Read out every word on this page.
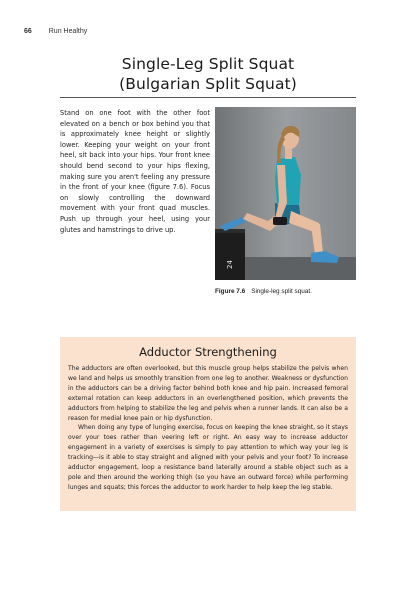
66 Run Healthy
Single-Leg Split Squat
(Bulgarian Split Squat)
Stand on one foot with the other foot elevated on a bench or box behind you that is approximately knee height or slightly lower. Keeping your weight on your front heel, sit back into your hips. Your front knee should bend second to your hips flexing, making sure you aren't feeling any pressure in the front of your knee (figure 7.6). Focus on slowly controlling the downward movement with your front quad muscles. Push up through your heel, using your glutes and hamstrings to drive up.
24
Figure 7.6 Single-leg split squat.
Adductor Strengthening

The adductors are often overlooked, but this muscle group helps stabilize the pelvis when we land and helps us smoothly transition from one leg to another. Weakness or dysfunction in the adductors can be a driving factor behind both knee and hip pain. Increased femoral external rotation can keep adductors in an overlengthened position, which prevents the adductors from helping to stabilize the leg and pelvis when a runner lands. It can also be a reason for medial knee pain or hip dysfunction.

When doing any type of lunging exercise, focus on keeping the knee straight, so it stays over your toes rather than veering left or right. An easy way to increase adductor engagement in a variety of exercises is simply to pay attention to which way your leg is tracking—is it able to stay straight and aligned with your pelvis and your foot? To increase adductor engagement, loop a resistance band laterally around a stable object such as a pole and then around the working thigh (so you have an outward force) while performing lunges and squats; this forces the adductor to work harder to help keep the leg stable.
